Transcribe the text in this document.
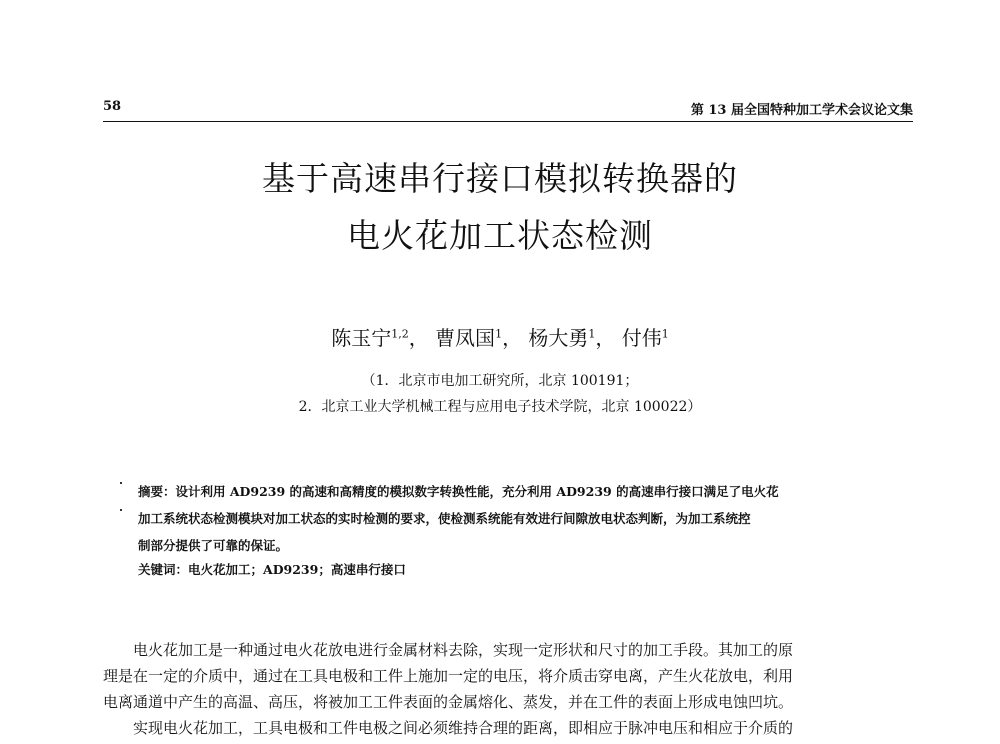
58	第 13 届全国特种加工学术会议论文集
基于高速串行接口模拟转换器的
电火花加工状态检测
陈玉宁$^{1,2}$， 曹凤国$^1$， 杨大勇$^1$， 付伟$^1$
（1．北京市电加工研究所，北京 100191；
2．北京工业大学机械工程与应用电子技术学院，北京 100022）
摘要：设计利用 AD9239 的高速和高精度的模拟数字转换性能，充分利用 AD9239 的高速串行接口满足了电火花
加工系统状态检测模块对加工状态的实时检测的要求，使检测系统能有效进行间隙放电状态判断，为加工系统控
制部分提供了可靠的保证。
关键词：电火花加工；AD9239；高速串行接口
　　电火花加工是一种通过电火花放电进行金属材料去除，实现一定形状和尺寸的加工手段。其加工的原
理是在一定的介质中，通过在工具电极和工件上施加一定的电压，将介质击穿电离，产生火花放电，利用
电离通道中产生的高温、高压，将被加工工件表面的金属熔化、蒸发，并在工件的表面上形成电蚀凹坑。
　　实现电火花加工，工具电极和工件电极之间必须维持合理的距离，即相应于脉冲电压和相应于介质的
